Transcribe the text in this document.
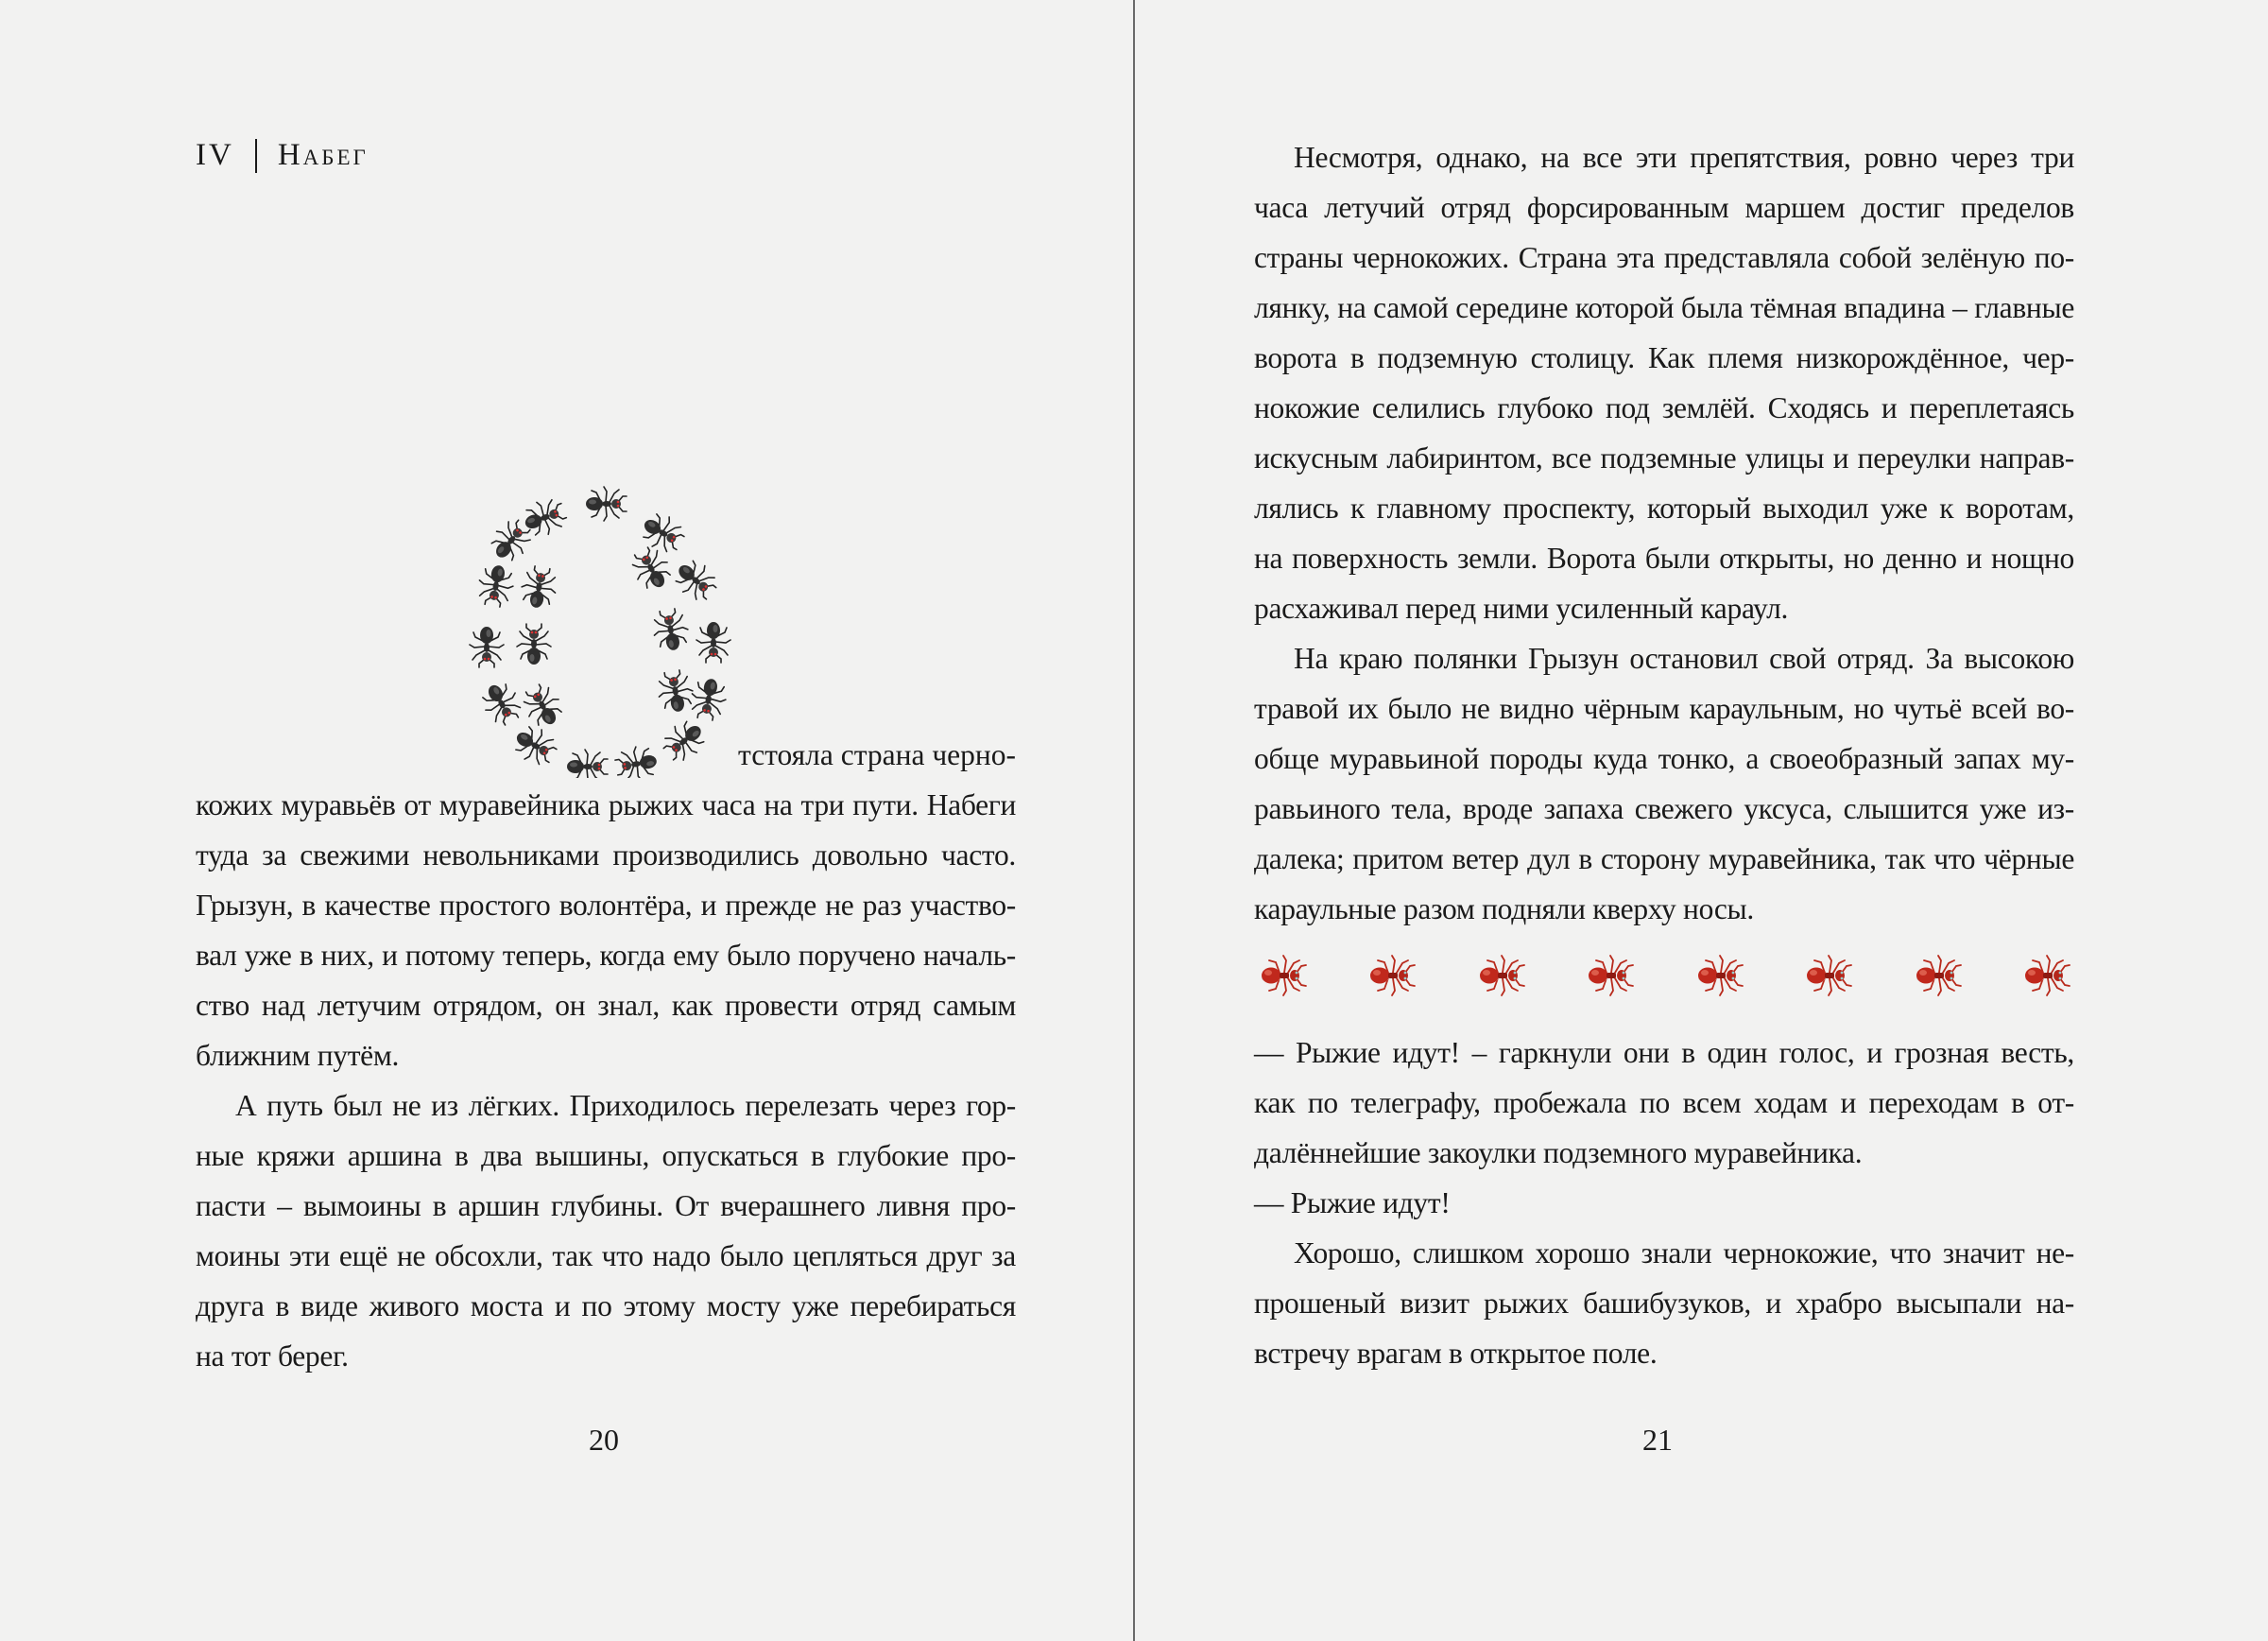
IV Набег
тстояла страна черно-
кожих муравьёв от муравейника рыжих часа на три пути. Набеги
туда за свежими невольниками производились довольно часто.
Грызун, в качестве простого волонтёра, и прежде не раз участво-
вал уже в них, и потому теперь, когда ему было поручено началь-
ство над летучим отрядом, он знал, как провести отряд самым
ближним путём.
А путь был не из лёгких. Приходилось перелезать через гор-
ные кряжи аршина в два вышины, опускаться в глубокие про-
пасти – вымоины в аршин глубины. От вчерашнего ливня про-
моины эти ещё не обсохли, так что надо было цепляться друг за
друга в виде живого моста и по этому мосту уже перебираться
на тот берег.
20
Несмотря, однако, на все эти препятствия, ровно через три
часа летучий отряд форсированным маршем достиг пределов
страны чернокожих. Страна эта представляла собой зелёную по-
лянку, на самой середине которой была тёмная впадина – главные
ворота в подземную столицу. Как племя низкорождённое, чер-
нокожие селились глубоко под землёй. Сходясь и переплетаясь
искусным лабиринтом, все подземные улицы и переулки направ-
лялись к главному проспекту, который выходил уже к воротам,
на поверхность земли. Ворота были открыты, но денно и нощно
расхаживал перед ними усиленный караул.
На краю полянки Грызун остановил свой отряд. За высокою
травой их было не видно чёрным караульным, но чутьё всей во-
обще муравьиной породы куда тонко, а своеобразный запах му-
равьиного тела, вроде запаха свежего уксуса, слышится уже из-
далека; притом ветер дул в сторону муравейника, так что чёрные
караульные разом подняли кверху носы.
— Рыжие идут! – гаркнули они в один голос, и грозная весть,
как по телеграфу, пробежала по всем ходам и переходам в от-
далённейшие закоулки подземного муравейника.
— Рыжие идут!
Хорошо, слишком хорошо знали чернокожие, что значит не-
прошеный визит рыжих башибузуков, и храбро высыпали на-
встречу врагам в открытое поле.
21
